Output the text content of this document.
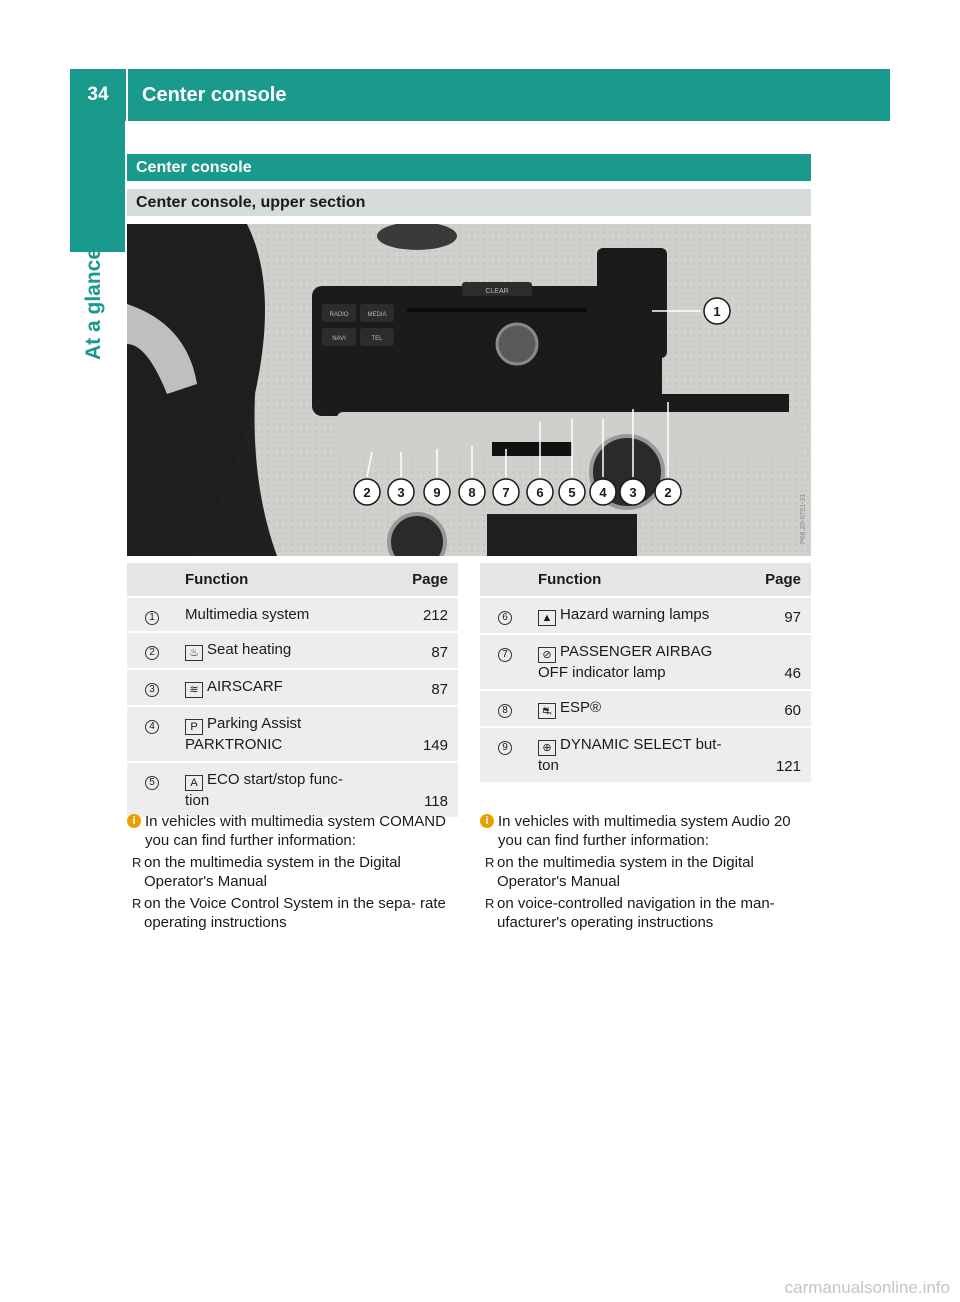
34	Center console
At a glance
Center console
Center console, upper section
CLEAR
RADIO	MEDIA
NAVI	TEL
1
2 3 9 8 7 6 5 4 3 2
P68.20-6751-31
	Function	Page
1	Multimedia system	212
2	♨ Seat heating	87
3	≋ AIRSCARF	87
4	P Parking Assist
PARKTRONIC	149
5	A ECO start/stop func-
tion	118
	Function	Page
6	▲ Hazard warning lamps	97
7	⊘ PASSENGER AIRBAG
OFF indicator lamp	46
8	⛐ ESP®	60
9	⊕ DYNAMIC SELECT but-
ton	121
i In vehicles with multimedia system COMAND you can find further information:
R on the multimedia system in the Digital Operator's Manual
R on the Voice Control System in the sepa- rate operating instructions
i In vehicles with multimedia system Audio 20 you can find further information:
R on the multimedia system in the Digital Operator's Manual
R on voice-controlled navigation in the man- ufacturer's operating instructions
carmanualsonline.info
